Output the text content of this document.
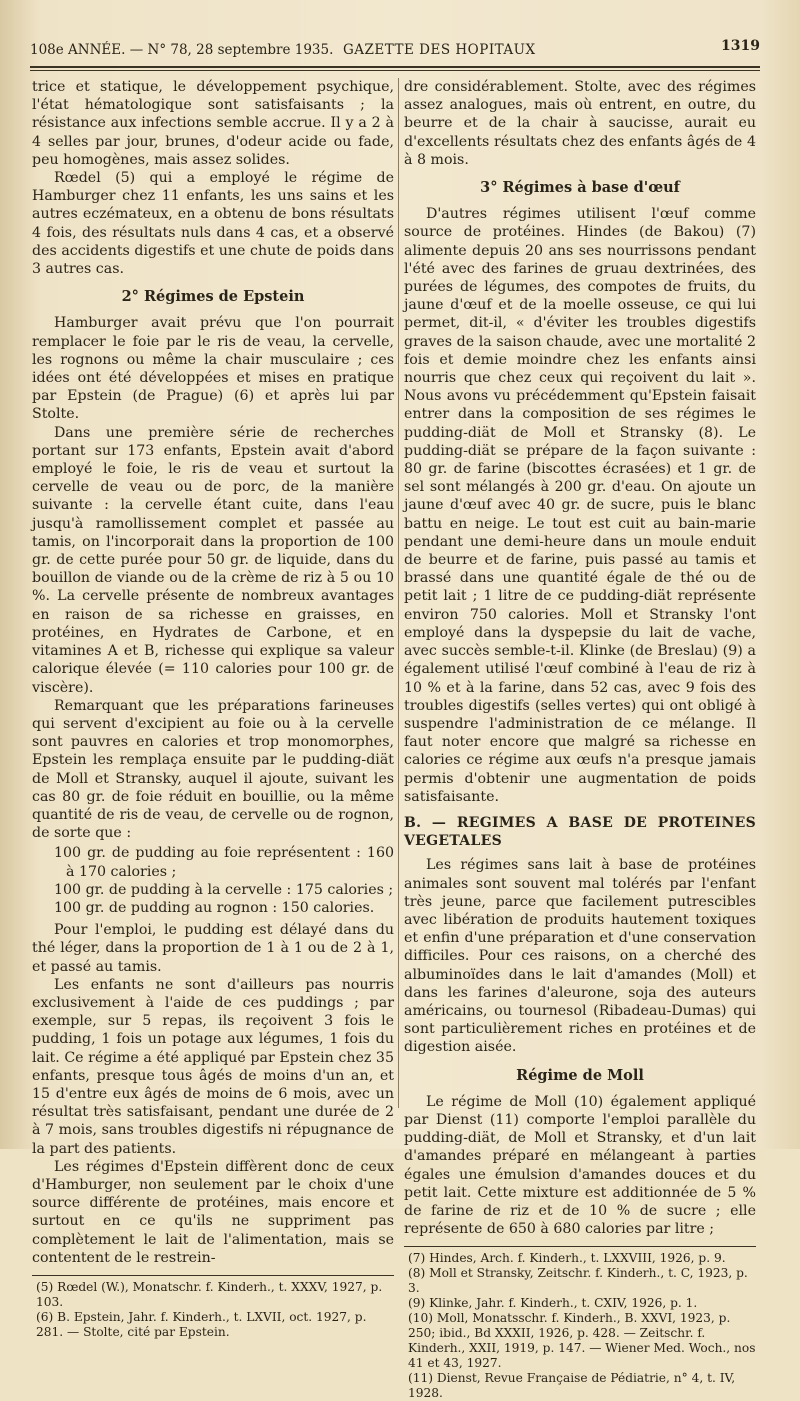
108e ANNÉE. — N° 78, 28 septembre 1935. GAZETTE DES HOPITAUX	1319

trice et statique, le développement psychique, l'état hématologique sont satisfaisants ; la résistance aux infections semble accrue. Il y a 2 à 4 selles par jour, brunes, d'odeur acide ou fade, peu homogènes, mais assez solides.

Rœdel (5) qui a employé le régime de Hamburger chez 11 enfants, les uns sains et les autres eczémateux, en a obtenu de bons résultats 4 fois, des résultats nuls dans 4 cas, et a observé des accidents digestifs et une chute de poids dans 3 autres cas.

2° Régimes de Epstein

Hamburger avait prévu que l'on pourrait remplacer le foie par le ris de veau, la cervelle, les rognons ou même la chair musculaire ; ces idées ont été développées et mises en pratique par Epstein (de Prague) (6) et après lui par Stolte.

Dans une première série de recherches portant sur 173 enfants, Epstein avait d'abord employé le foie, le ris de veau et surtout la cervelle de veau ou de porc, de la manière suivante : la cervelle étant cuite, dans l'eau jusqu'à ramollissement complet et passée au tamis, on l'incorporait dans la proportion de 100 gr. de cette purée pour 50 gr. de liquide, dans du bouillon de viande ou de la crème de riz à 5 ou 10 %. La cervelle présente de nombreux avantages en raison de sa richesse en graisses, en protéines, en Hydrates de Carbone, et en vitamines A et B, richesse qui explique sa valeur calorique élevée (= 110 calories pour 100 gr. de viscère).

Remarquant que les préparations farineuses qui servent d'excipient au foie ou à la cervelle sont pauvres en calories et trop monomorphes, Epstein les remplaça ensuite par le pudding-diät de Moll et Stransky, auquel il ajoute, suivant les cas 80 gr. de foie réduit en bouillie, ou la même quantité de ris de veau, de cervelle ou de rognon, de sorte que :

100 gr. de pudding au foie représentent : 160 à 170 calories ;
100 gr. de pudding à la cervelle : 175 calories ;
100 gr. de pudding au rognon : 150 calories.

Pour l'emploi, le pudding est délayé dans du thé léger, dans la proportion de 1 à 1 ou de 2 à 1, et passé au tamis.

Les enfants ne sont d'ailleurs pas nourris exclusivement à l'aide de ces puddings ; par exemple, sur 5 repas, ils reçoivent 3 fois le pudding, 1 fois un potage aux légumes, 1 fois du lait. Ce régime a été appliqué par Epstein chez 35 enfants, presque tous âgés de moins d'un an, et 15 d'entre eux âgés de moins de 6 mois, avec un résultat très satisfaisant, pendant une durée de 2 à 7 mois, sans troubles digestifs ni répugnance de la part des patients.

Les régimes d'Epstein diffèrent donc de ceux d'Hamburger, non seulement par le choix d'une source différente de protéines, mais encore et surtout en ce qu'ils ne suppriment pas complètement le lait de l'alimentation, mais se contentent de le restrein-

(5) Rœdel (W.), Monatschr. f. Kinderh., t. XXXV, 1927, p. 103.
(6) B. Epstein, Jahr. f. Kinderh., t. LXVII, oct. 1927, p. 281. — Stolte, cité par Epstein.

dre considérablement. Stolte, avec des régimes assez analogues, mais où entrent, en outre, du beurre et de la chair à saucisse, aurait eu d'excellents résultats chez des enfants âgés de 4 à 8 mois.

3° Régimes à base d'œuf

D'autres régimes utilisent l'œuf comme source de protéines. Hindes (de Bakou) (7) alimente depuis 20 ans ses nourrissons pendant l'été avec des farines de gruau dextrinées, des purées de légumes, des compotes de fruits, du jaune d'œuf et de la moelle osseuse, ce qui lui permet, dit-il, « d'éviter les troubles digestifs graves de la saison chaude, avec une mortalité 2 fois et demie moindre chez les enfants ainsi nourris que chez ceux qui reçoivent du lait ». Nous avons vu précédemment qu'Epstein faisait entrer dans la composition de ses régimes le pudding-diät de Moll et Stransky (8). Le pudding-diät se prépare de la façon suivante : 80 gr. de farine (biscottes écrasées) et 1 gr. de sel sont mélangés à 200 gr. d'eau. On ajoute un jaune d'œuf avec 40 gr. de sucre, puis le blanc battu en neige. Le tout est cuit au bain-marie pendant une demi-heure dans un moule enduit de beurre et de farine, puis passé au tamis et brassé dans une quantité égale de thé ou de petit lait ; 1 litre de ce pudding-diät représente environ 750 calories. Moll et Stransky l'ont employé dans la dyspepsie du lait de vache, avec succès semble-t-il. Klinke (de Breslau) (9) a également utilisé l'œuf combiné à l'eau de riz à 10 % et à la farine, dans 52 cas, avec 9 fois des troubles digestifs (selles vertes) qui ont obligé à suspendre l'administration de ce mélange. Il faut noter encore que malgré sa richesse en calories ce régime aux œufs n'a presque jamais permis d'obtenir une augmentation de poids satisfaisante.

B. — REGIMES A BASE DE PROTEINES VEGETALES

Les régimes sans lait à base de protéines animales sont souvent mal tolérés par l'enfant très jeune, parce que facilement putrescibles avec libération de produits hautement toxiques et enfin d'une préparation et d'une conservation difficiles. Pour ces raisons, on a cherché des albuminoïdes dans le lait d'amandes (Moll) et dans les farines d'aleurone, soja des auteurs américains, ou tournesol (Ribadeau-Dumas) qui sont particulièrement riches en protéines et de digestion aisée.

Régime de Moll

Le régime de Moll (10) également appliqué par Dienst (11) comporte l'emploi parallèle du pudding-diät, de Moll et Stransky, et d'un lait d'amandes préparé en mélangeant à parties égales une émulsion d'amandes douces et du petit lait. Cette mixture est additionnée de 5 % de farine de riz et de 10 % de sucre ; elle représente de 650 à 680 calories par litre ;

(7) Hindes, Arch. f. Kinderh., t. LXXVIII, 1926, p. 9.
(8) Moll et Stransky, Zeitschr. f. Kinderh., t. C, 1923, p. 3.
(9) Klinke, Jahr. f. Kinderh., t. CXIV, 1926, p. 1.
(10) Moll, Monatsschr. f. Kinderh., B. XXVI, 1923, p. 250; ibid., Bd XXXII, 1926, p. 428. — Zeitschr. f. Kinderh., XXII, 1919, p. 147. — Wiener Med. Woch., nos 41 et 43, 1927.
(11) Dienst, Revue Française de Pédiatrie, n° 4, t. IV, 1928.
